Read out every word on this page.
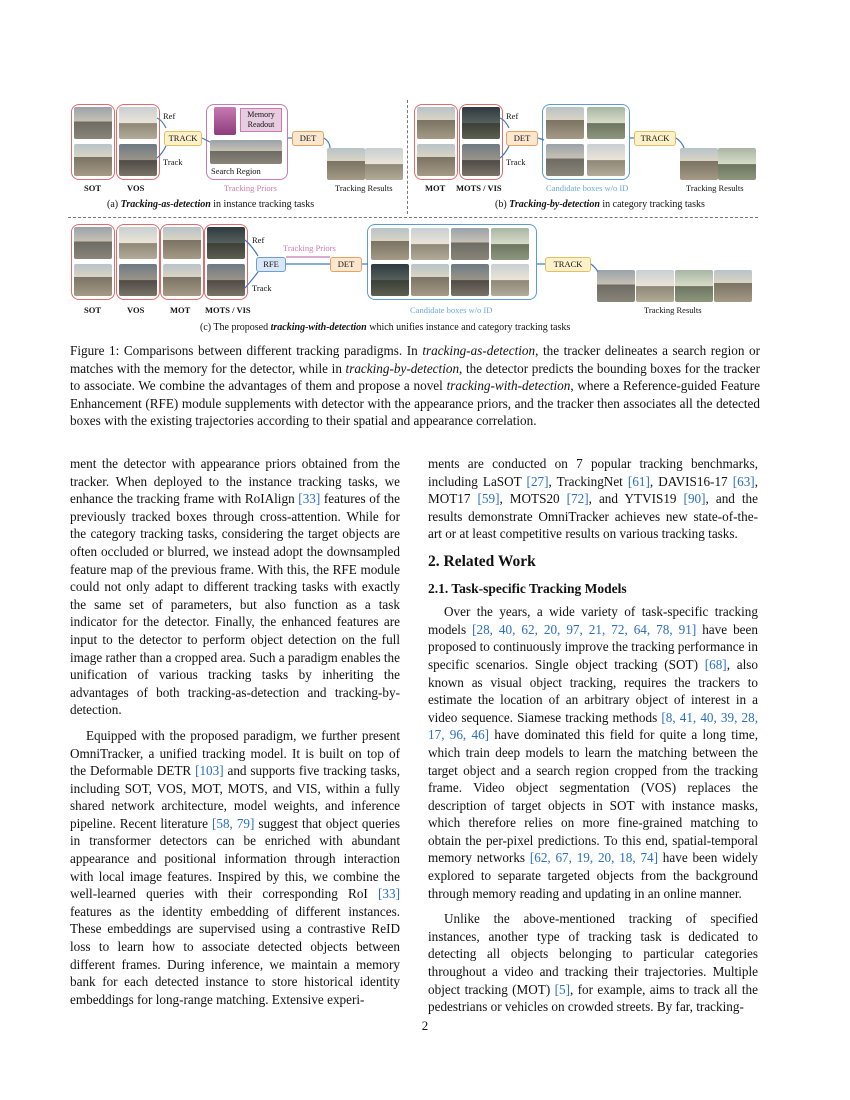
SOT	VOS
Ref
Track
TRACK
Memory Readout
Search Region
Tracking Priors
DET
Tracking Results
(a) Tracking-as-detection in instance tracking tasks
MOT MOTS / VIS
Ref
Track
DET
Candidate boxes w/o ID
TRACK
Tracking Results
(b) Tracking-by-detection in category tracking tasks
SOT	VOS	MOT MOTS / VIS
Ref
Track
RFE
Tracking Priors
DET
Candidate boxes w/o ID
TRACK
Tracking Results
(c) The proposed tracking-with-detection which unifies instance and category tracking tasks
Figure 1: Comparisons between different tracking paradigms. In tracking-as-detection, the tracker delineates a search region or matches with the memory for the detector, while in tracking-by-detection, the detector predicts the bounding boxes for the tracker to associate. We combine the advantages of them and propose a novel tracking-with-detection, where a Reference-guided Feature Enhancement (RFE) module supplements with detector with the appearance priors, and the tracker then associates all the detected boxes with the existing trajectories according to their spatial and appearance correlation.

ment the detector with appearance priors obtained from the tracker. When deployed to the instance tracking tasks, we enhance the tracking frame with RoIAlign [33] features of the previously tracked boxes through cross-attention. While for the category tracking tasks, considering the target objects are often occluded or blurred, we instead adopt the downsampled feature map of the previous frame. With this, the RFE module could not only adapt to different tracking tasks with exactly the same set of parameters, but also function as a task indicator for the detector. Finally, the enhanced features are input to the detector to perform object detection on the full image rather than a cropped area. Such a paradigm enables the unification of various tracking tasks by inheriting the advantages of both tracking-as-detection and tracking-by-detection.

Equipped with the proposed paradigm, we further present OmniTracker, a unified tracking model. It is built on top of the Deformable DETR [103] and supports five tracking tasks, including SOT, VOS, MOT, MOTS, and VIS, within a fully shared network architecture, model weights, and inference pipeline. Recent literature [58, 79] suggest that object queries in transformer detectors can be enriched with abundant appearance and positional information through interaction with local image features. Inspired by this, we combine the well-learned queries with their corresponding RoI [33] features as the identity embedding of different instances. These embeddings are supervised using a contrastive ReID loss to learn how to associate detected objects between different frames. During inference, we maintain a memory bank for each detected instance to store historical identity embeddings for long-range matching. Extensive experi-

ments are conducted on 7 popular tracking benchmarks, including LaSOT [27], TrackingNet [61], DAVIS16-17 [63], MOT17 [59], MOTS20 [72], and YTVIS19 [90], and the results demonstrate OmniTracker achieves new state-of-the-art or at least competitive results on various tracking tasks.

2. Related Work
2.1. Task-specific Tracking Models

Over the years, a wide variety of task-specific tracking models [28, 40, 62, 20, 97, 21, 72, 64, 78, 91] have been proposed to continuously improve the tracking performance in specific scenarios. Single object tracking (SOT) [68], also known as visual object tracking, requires the trackers to estimate the location of an arbitrary object of interest in a video sequence. Siamese tracking methods [8, 41, 40, 39, 28, 17, 96, 46] have dominated this field for quite a long time, which train deep models to learn the matching between the target object and a search region cropped from the tracking frame. Video object segmentation (VOS) replaces the description of target objects in SOT with instance masks, which therefore relies on more fine-grained matching to obtain the per-pixel predictions. To this end, spatial-temporal memory networks [62, 67, 19, 20, 18, 74] have been widely explored to separate targeted objects from the background through memory reading and updating in an online manner.

Unlike the above-mentioned tracking of specified instances, another type of tracking task is dedicated to detecting all objects belonging to particular categories throughout a video and tracking their trajectories. Multiple object tracking (MOT) [5], for example, aims to track all the pedestrians or vehicles on crowded streets. By far, tracking-

2
